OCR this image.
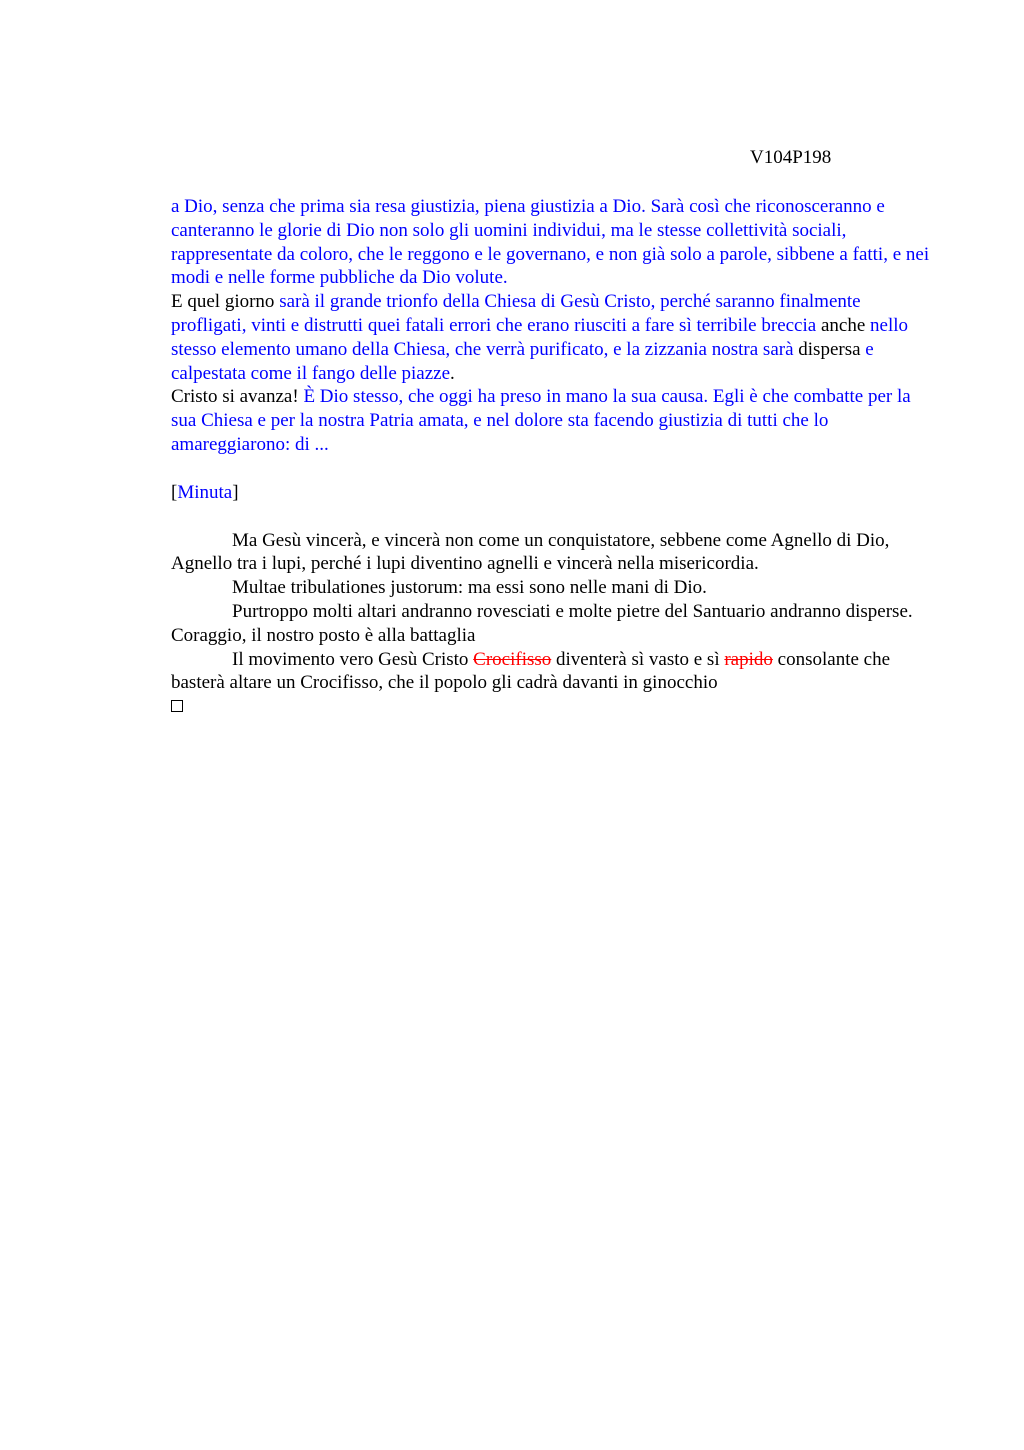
V104P198

a Dio, senza che prima sia resa giustizia, piena giustizia a Dio. Sarà così che riconosceranno e canteranno le glorie di Dio non solo gli uomini individui, ma le stesse collettività sociali, rappresentate da coloro, che le reggono e le governano, e non già solo a parole, sibbene a fatti, e nei modi e nelle forme pubbliche da Dio volute.

E quel giorno sarà il grande trionfo della Chiesa di Gesù Cristo, perché saranno finalmente profligati, vinti e distrutti quei fatali errori che erano riusciti a fare sì terribile breccia anche nello stesso elemento umano della Chiesa, che verrà purificato, e la zizzania nostra sarà dispersa e calpestata come il fango delle piazze.

Cristo si avanza! È Dio stesso, che oggi ha preso in mano la sua causa. Egli è che combatte per la sua Chiesa e per la nostra Patria amata, e nel dolore sta facendo giustizia di tutti che lo amareggiarono: di ...

[Minuta]

Ma Gesù vincerà, e vincerà non come un conquistatore, sebbene come Agnello di Dio, Agnello tra i lupi, perché i lupi diventino agnelli e vincerà nella misericordia.

Multae tribulationes justorum: ma essi sono nelle mani di Dio.

Purtroppo molti altari andranno rovesciati e molte pietre del Santuario andranno disperse. Coraggio, il nostro posto è alla battaglia

Il movimento vero Gesù Cristo Crocifisso diventerà sì vasto e sì rapido consolante che basterà altare un Crocifisso, che il popolo gli cadrà davanti in ginocchio
